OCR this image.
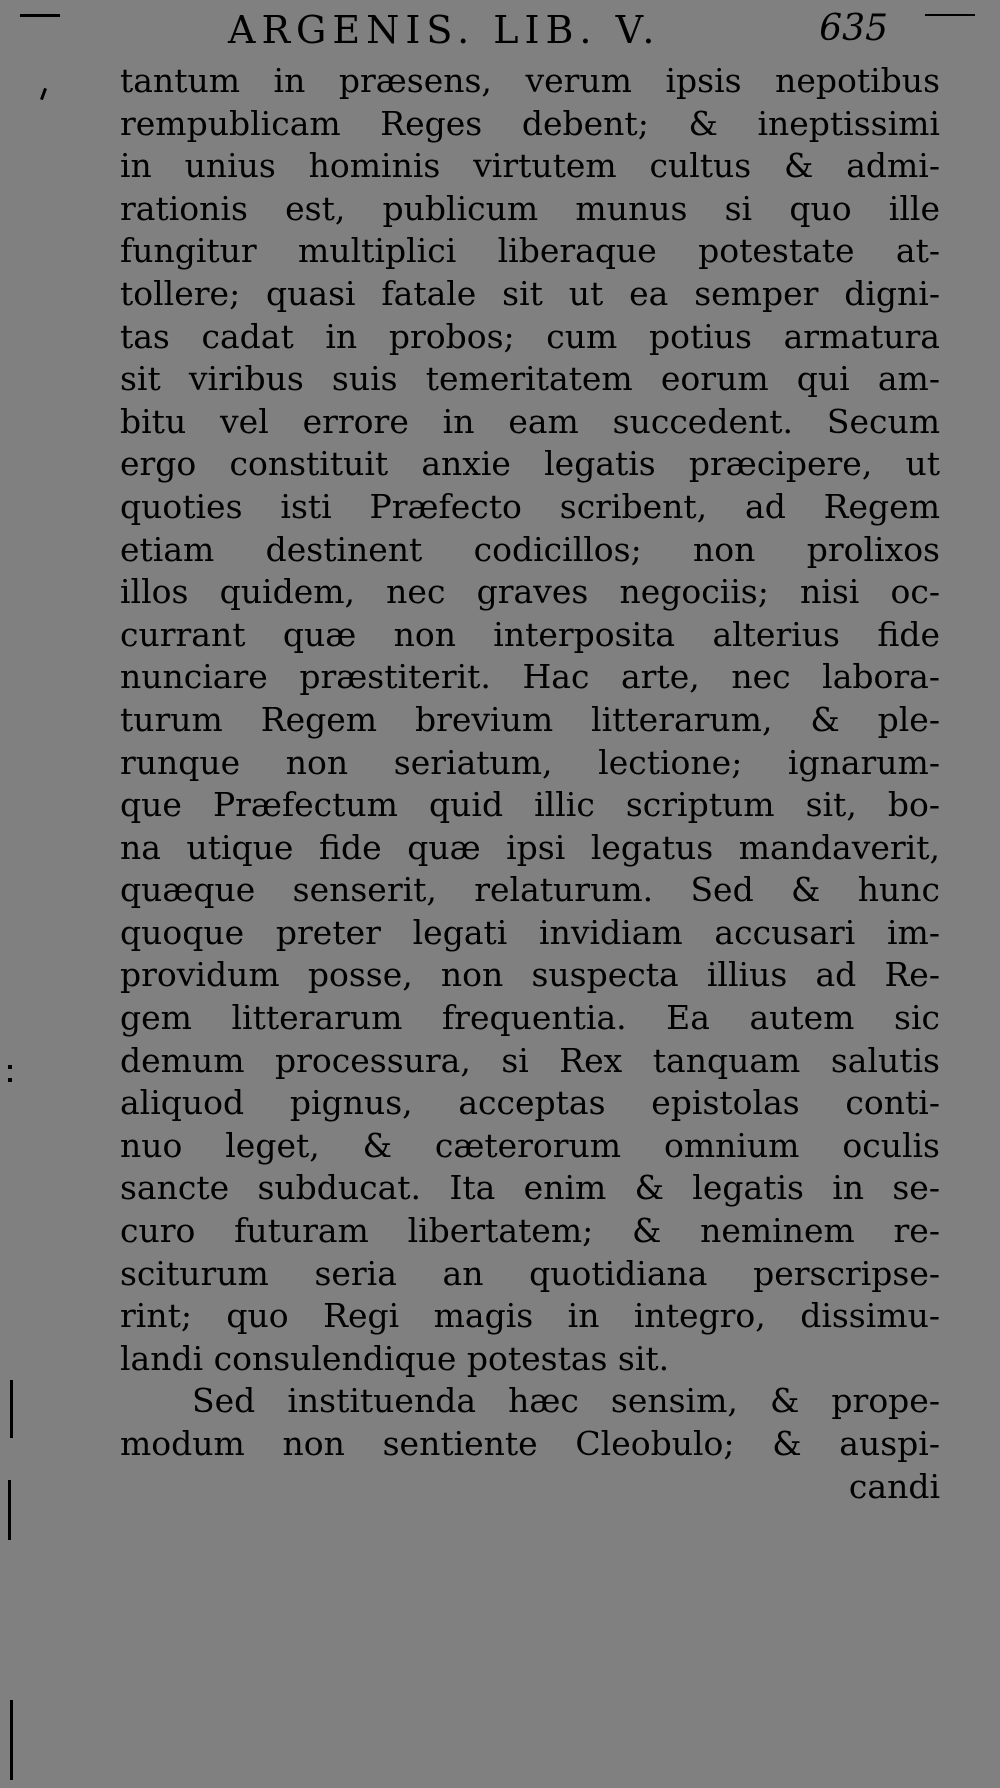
ARGENIS. LIB. V.	635
tantum in præsens, verum ipsis nepotibus
rempublicam Reges debent; & ineptissimi
in unius hominis virtutem cultus & admi-
rationis est, publicum munus si quo ille
fungitur multiplici liberaque potestate at-
tollere; quasi fatale sit ut ea semper digni-
tas cadat in probos; cum potius armatura
sit viribus suis temeritatem eorum qui am-
bitu vel errore in eam succedent. Secum
ergo constituit anxie legatis præcipere, ut
quoties isti Præfecto scribent, ad Regem
etiam destinent codicillos; non prolixos
illos quidem, nec graves negociis; nisi oc-
currant quæ non interposita alterius fide
nunciare præstiterit. Hac arte, nec labora-
turum Regem brevium litterarum, & ple-
runque non seriatum, lectione; ignarum-
que Præfectum quid illic scriptum sit, bo-
na utique fide quæ ipsi legatus mandaverit,
quæque senserit, relaturum. Sed & hunc
quoque preter legati invidiam accusari im-
providum posse, non suspecta illius ad Re-
gem litterarum frequentia. Ea autem sic
demum processura, si Rex tanquam salutis
aliquod pignus, acceptas epistolas conti-
nuo leget, & cæterorum omnium oculis
sancte subducat. Ita enim & legatis in se-
curo futuram libertatem; & neminem re-
sciturum seria an quotidiana perscripse-
rint; quo Regi magis in integro, dissimu-
landi consulendique potestas sit.
Sed instituenda hæc sensim, & prope-
modum non sentiente Cleobulo; & auspi-
candi
